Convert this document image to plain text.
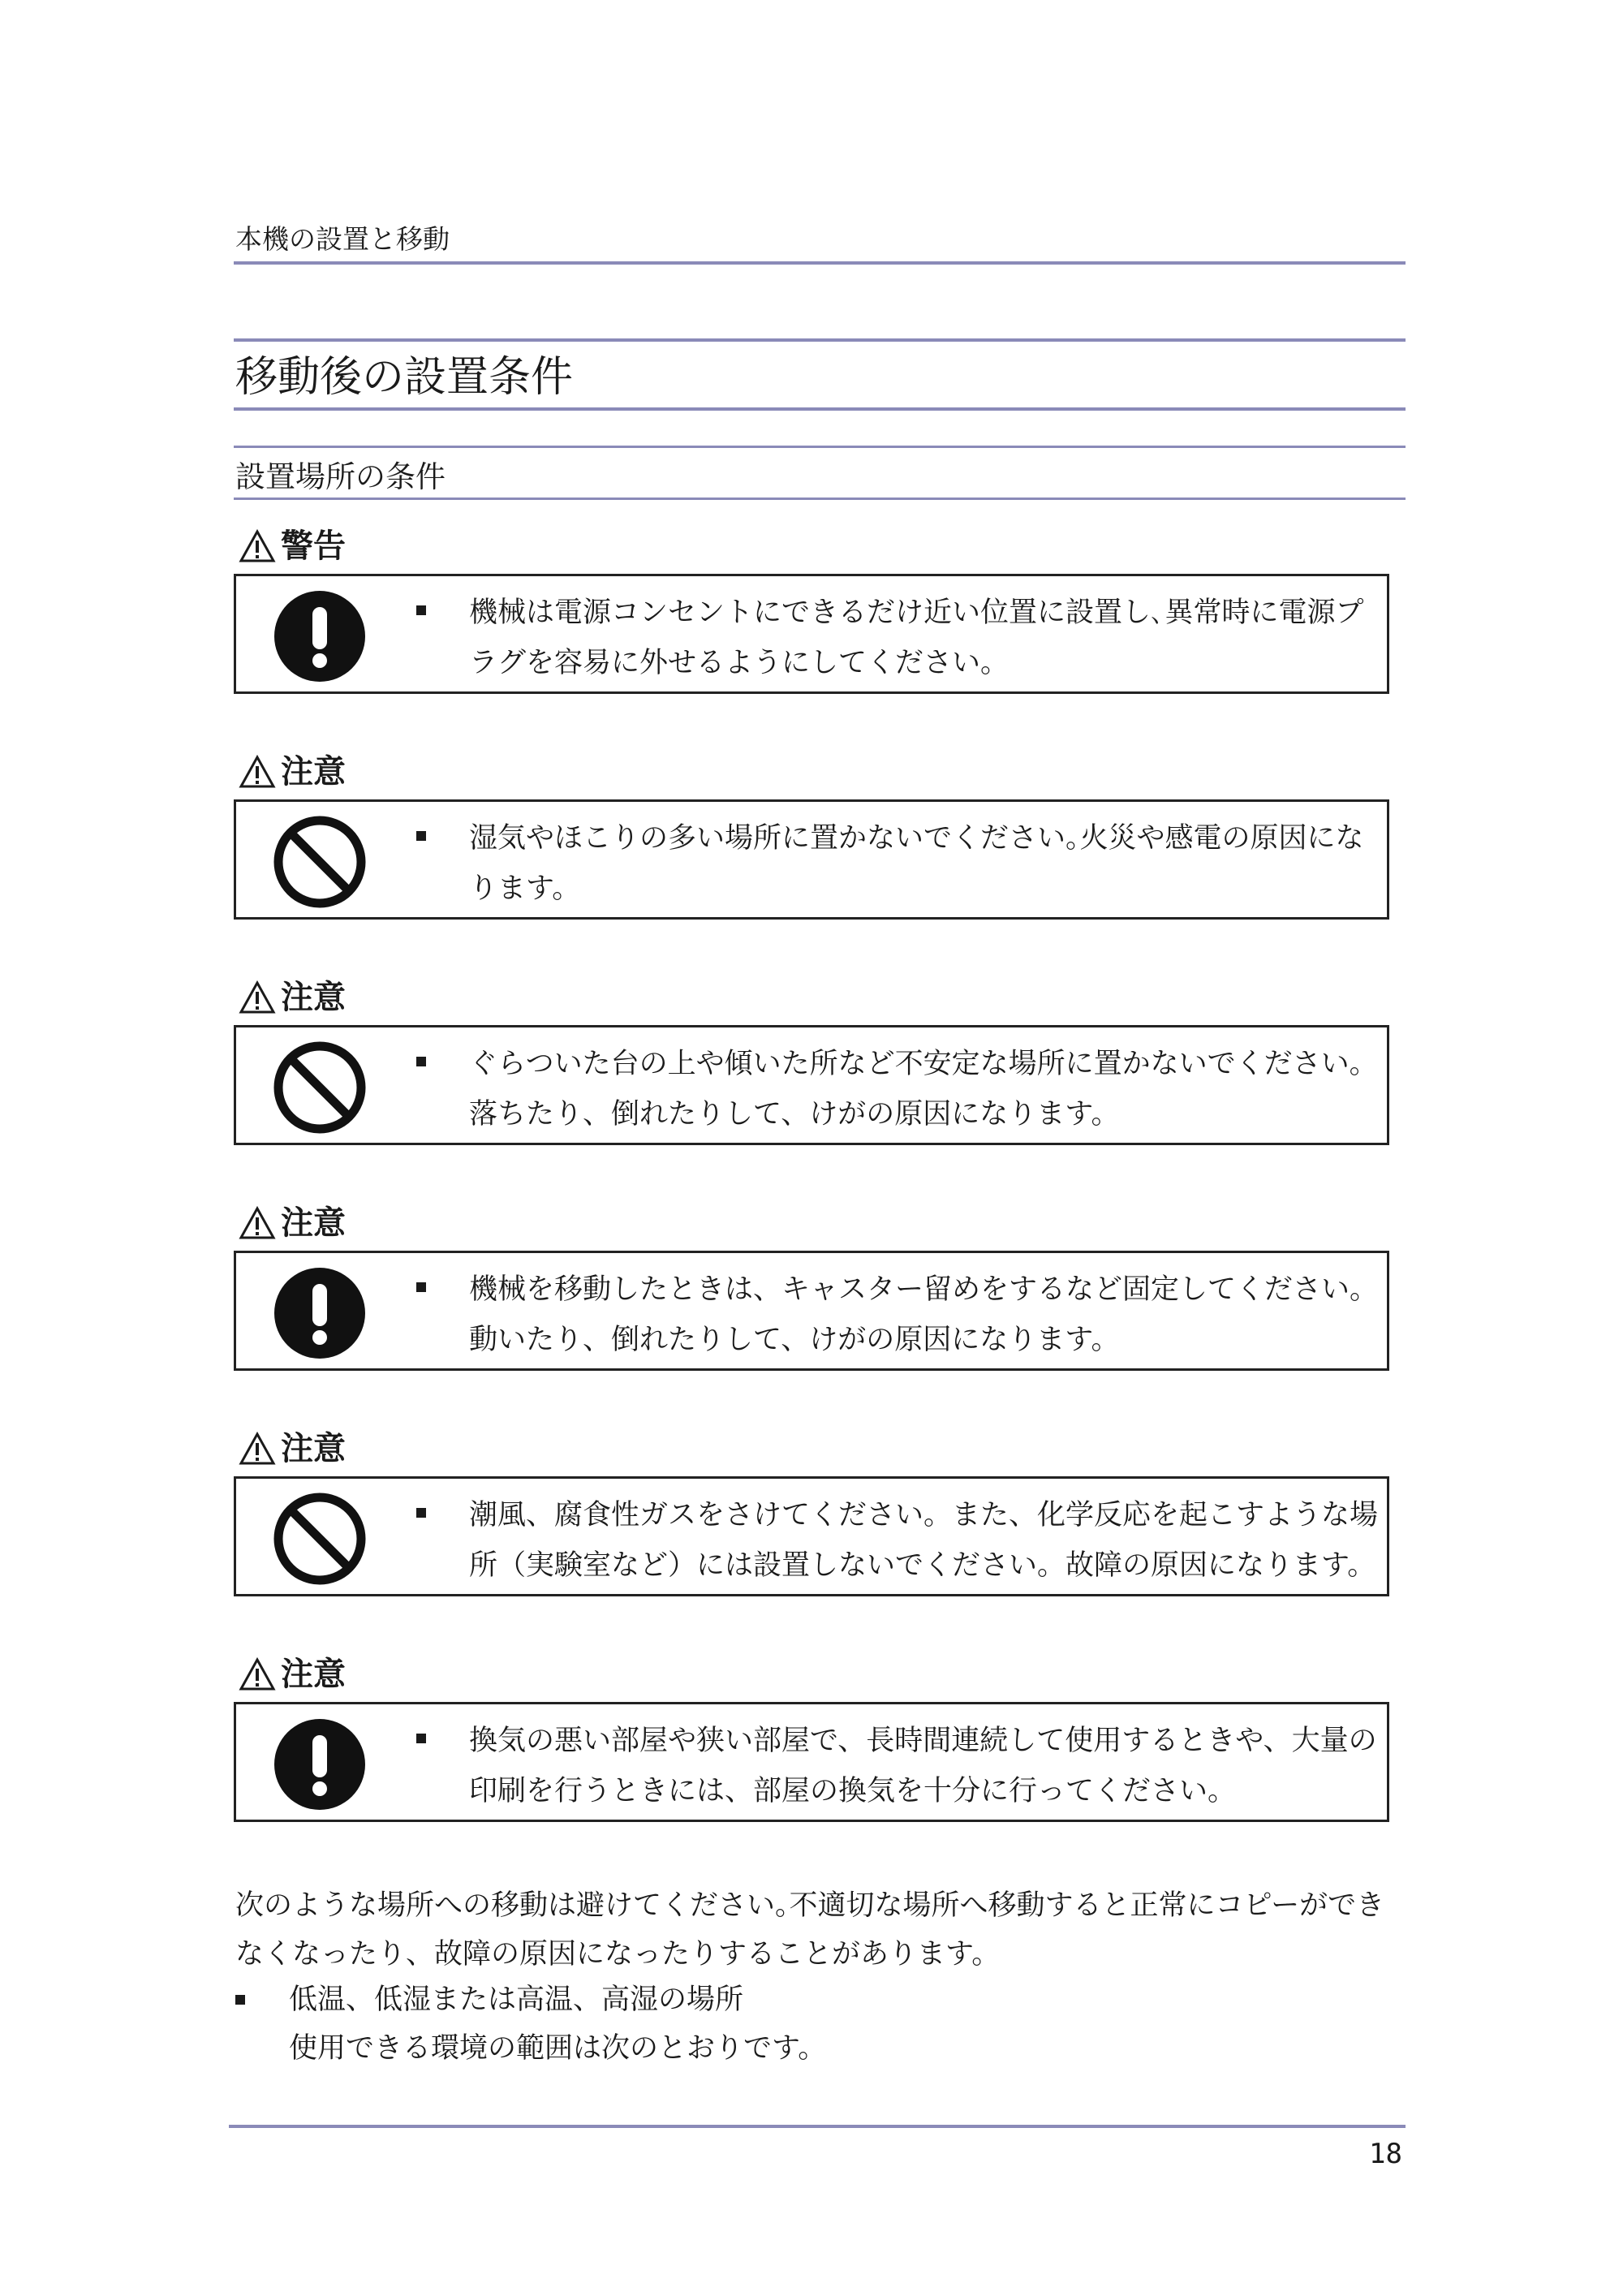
本機の設置と移動
移動後の設置条件
設置場所の条件
警告
機械は電源コンセントにできるだけ近い位置に設置し､異常時に電源プ
ラグを容易に外せるようにしてください。
注意
湿気やほこりの多い場所に置かないでください｡火災や感電の原因にな
ります。
注意
ぐらついた台の上や傾いた所など不安定な場所に置かないでください。
落ちたり、倒れたりして、けがの原因になります。
注意
機械を移動したときは、キャスター留めをするなど固定してください。
動いたり、倒れたりして、けがの原因になります。
注意
潮風、腐食性ガスをさけてください。また、化学反応を起こすような場
所（実験室など）には設置しないでください。故障の原因になります。
注意
換気の悪い部屋や狭い部屋で、長時間連続して使用するときや、大量の
印刷を行うときには、部屋の換気を十分に行ってください。
次のような場所への移動は避けてください｡不適切な場所へ移動すると正常にコピーができ
なくなったり、故障の原因になったりすることがあります。
低温、低湿または高温、高湿の場所
使用できる環境の範囲は次のとおりです。
18
